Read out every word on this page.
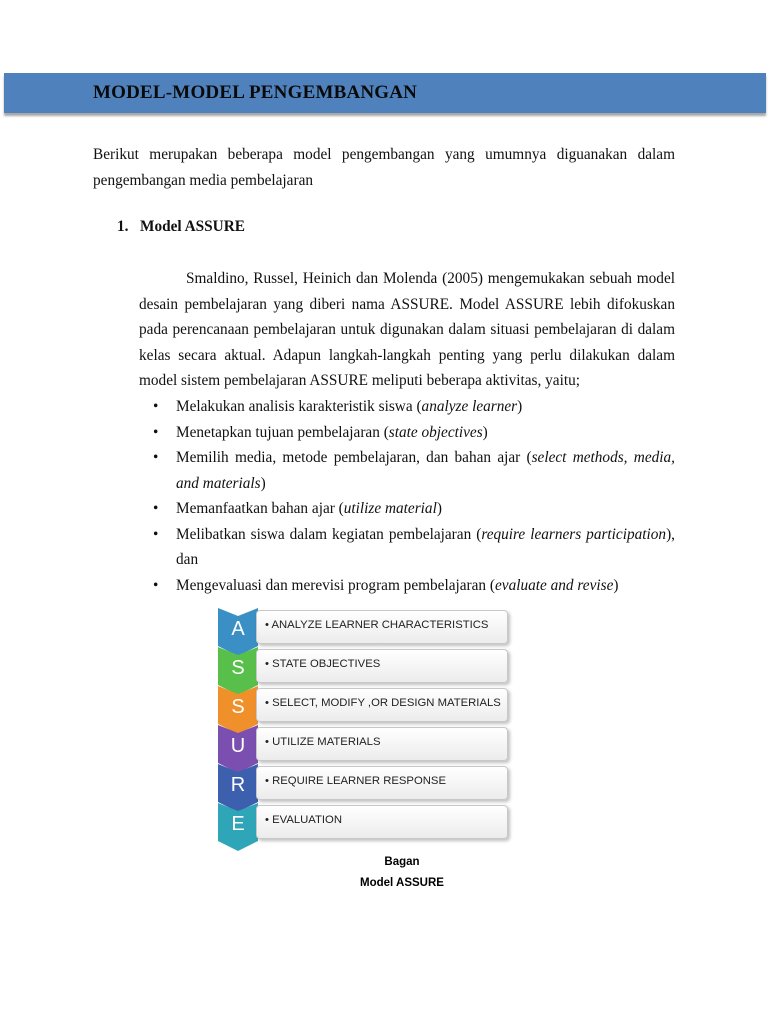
MODEL-MODEL PENGEMBANGAN
Berikut merupakan beberapa model pengembangan yang umumnya diguanakan dalam pengembangan media pembelajaran
1. Model ASSURE
Smaldino, Russel, Heinich dan Molenda (2005) mengemukakan sebuah model desain pembelajaran yang diberi nama ASSURE. Model ASSURE lebih difokuskan pada perencanaan pembelajaran untuk digunakan dalam situasi pembelajaran di dalam kelas secara aktual. Adapun langkah-langkah penting yang perlu dilakukan dalam model sistem pembelajaran ASSURE meliputi beberapa aktivitas, yaitu;
• Melakukan analisis karakteristik siswa (analyze learner)
• Menetapkan tujuan pembelajaran (state objectives)
• Memilih media, metode pembelajaran, dan bahan ajar (select methods, media, and materials)
• Memanfaatkan bahan ajar (utilize material)
• Melibatkan siswa dalam kegiatan pembelajaran (require learners participation), dan
• Mengevaluasi dan merevisi program pembelajaran (evaluate and revise)
A	• ANALYZE LEARNER CHARACTERISTICS
S	• STATE OBJECTIVES
S	• SELECT, MODIFY ,OR DESIGN MATERIALS
U	• UTILIZE MATERIALS
R	• REQUIRE LEARNER RESPONSE
E	• EVALUATION
Bagan
Model ASSURE
